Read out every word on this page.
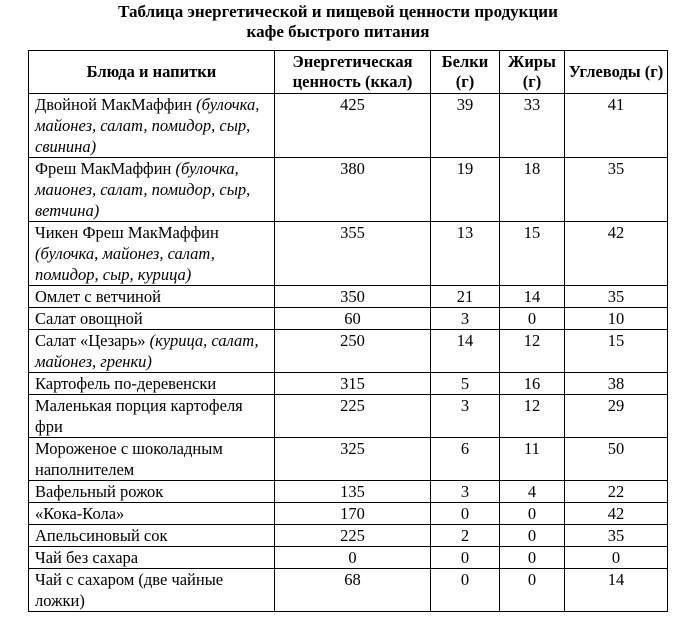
Таблица энергетической и пищевой ценности продукции
кафе быстрого питания
Блюда и напитки	Энергетическая ценность (ккал)	Белки (г)	Жиры (г)	Углеводы (г)
Двойной МакМаффин (булочка, майонез, салат, помидор, сыр, свинина)	425	39	33	41
Фреш МакМаффин (булочка, маионез, салат, помидор, сыр, ветчина)	380	19	18	35
Чикен Фреш МакМаффин (булочка, майонез, салат, помидор, сыр, курица)	355	13	15	42
Омлет с ветчиной	350	21	14	35
Салат овощной	60	3	0	10
Салат «Цезарь» (курица, салат, майонез, гренки)	250	14	12	15
Картофель по-деревенски	315	5	16	38
Маленькая порция картофеля фри	225	3	12	29
Мороженое с шоколадным наполнителем	325	6	11	50
Вафельный рожок	135	3	4	22
«Кока-Кола»	170	0	0	42
Апельсиновый сок	225	2	0	35
Чай без сахара	0	0	0	0
Чай с сахаром (две чайные ложки)	68	0	0	14
